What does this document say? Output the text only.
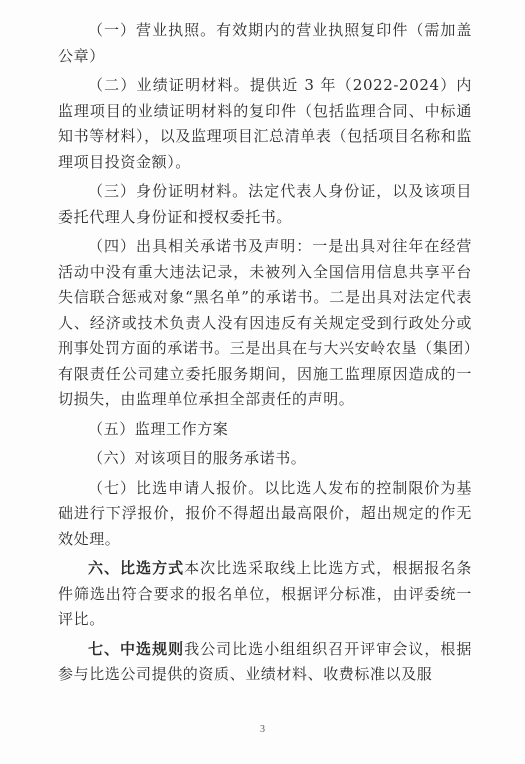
（一）营业执照。有效期内的营业执照复印件（需加盖公章）

（二）业绩证明材料。提供近 3 年（2022-2024）内监理项目的业绩证明材料的复印件（包括监理合同、中标通知书等材料），以及监理项目汇总清单表（包括项目名称和监理项目投资金额）。

（三）身份证明材料。法定代表人身份证，以及该项目委托代理人身份证和授权委托书。

（四）出具相关承诺书及声明：一是出具对往年在经营活动中没有重大违法记录，未被列入全国信用信息共享平台失信联合惩戒对象“黑名单”的承诺书。二是出具对法定代表人、经济或技术负责人没有因违反有关规定受到行政处分或刑事处罚方面的承诺书。三是出具在与大兴安岭农垦（集团）有限责任公司建立委托服务期间，因施工监理原因造成的一切损失，由监理单位承担全部责任的声明。

（五）监理工作方案

（六）对该项目的服务承诺书。

（七）比选申请人报价。以比选人发布的控制限价为基础进行下浮报价，报价不得超出最高限价，超出规定的作无效处理。

六、比选方式本次比选采取线上比选方式，根据报名条件筛选出符合要求的报名单位，根据评分标准，由评委统一评比。

七、中选规则我公司比选小组组织召开评审会议，根据参与比选公司提供的资质、业绩材料、收费标准以及服

3
